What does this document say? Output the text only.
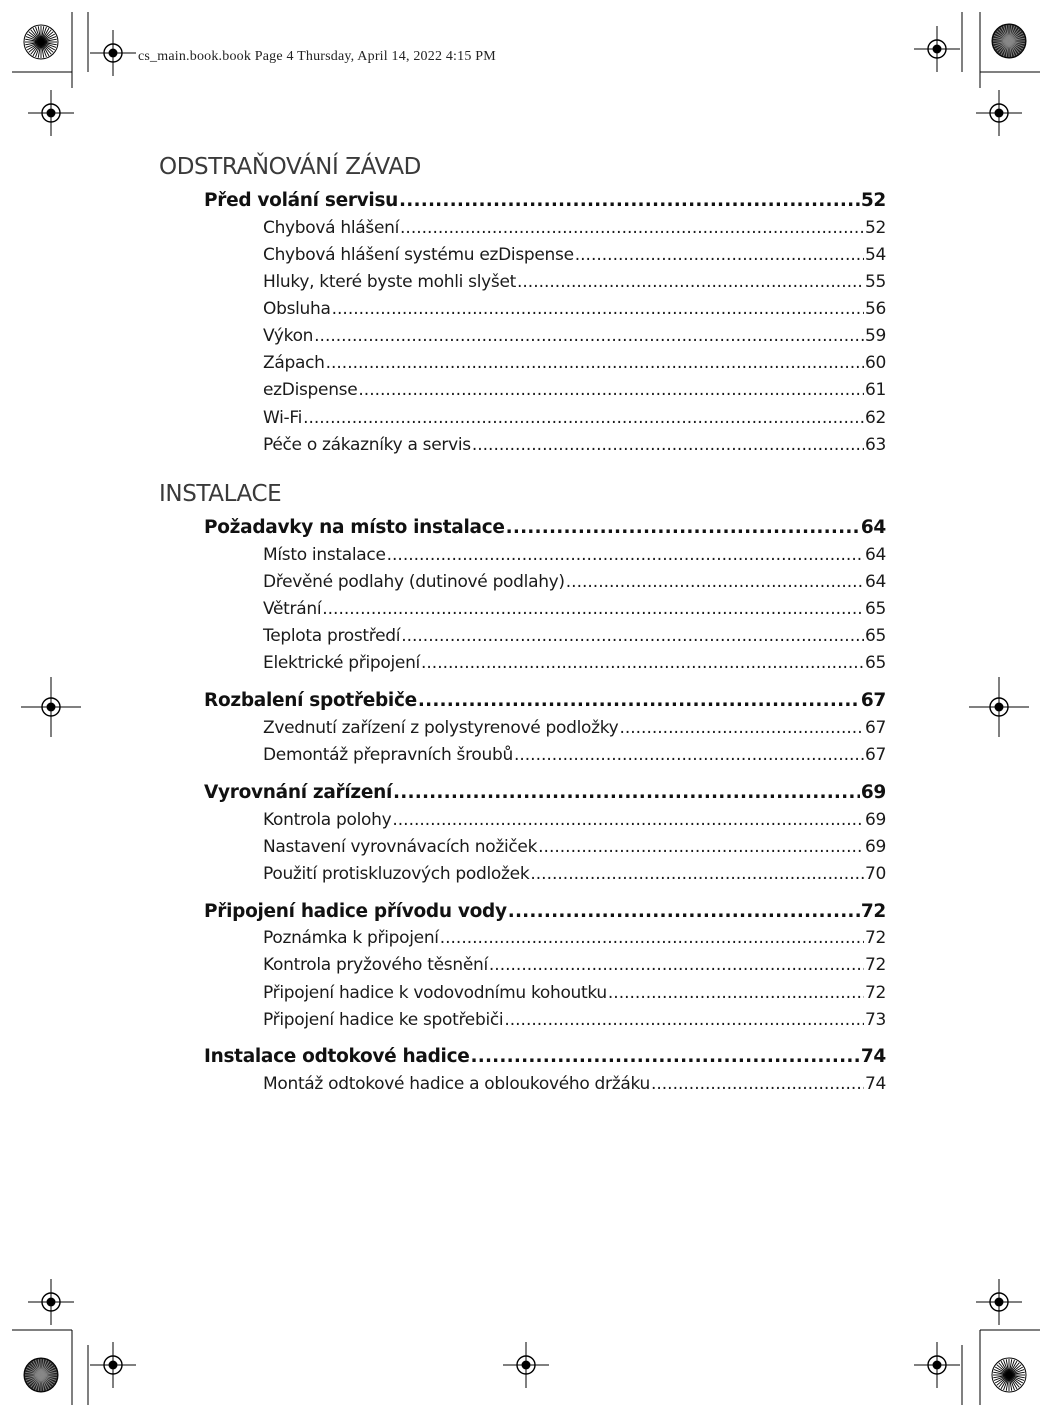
cs_main.book.book Page 4 Thursday, April 14, 2022 4:15 PM
ODSTRAŇOVÁNÍ ZÁVAD
Před volání servisu .....	52
Chybová hlášení .....	52
Chybová hlášení systému ezDispense .....	54
Hluky, které byste mohli slyšet .....	55
Obsluha .....	56
Výkon .....	59
Zápach .....	60
ezDispense .....	61
Wi-Fi .....	62
Péče o zákazníky a servis .....	63
INSTALACE
Požadavky na místo instalace .....	64
Místo instalace .....	64
Dřevěné podlahy (dutinové podlahy) .....	64
Větrání .....	65
Teplota prostředí .....	65
Elektrické připojení .....	65
Rozbalení spotřebiče .....	67
Zvednutí zařízení z polystyrenové podložky .....	67
Demontáž přepravních šroubů .....	67
Vyrovnání zařízení .....	69
Kontrola polohy .....	69
Nastavení vyrovnávacích nožiček .....	69
Použití protiskluzových podložek .....	70
Připojení hadice přívodu vody .....	72
Poznámka k připojení .....	72
Kontrola pryžového těsnění .....	72
Připojení hadice k vodovodnímu kohoutku .....	72
Připojení hadice ke spotřebiči .....	73
Instalace odtokové hadice .....	74
Montáž odtokové hadice a obloukového držáku .....	74
